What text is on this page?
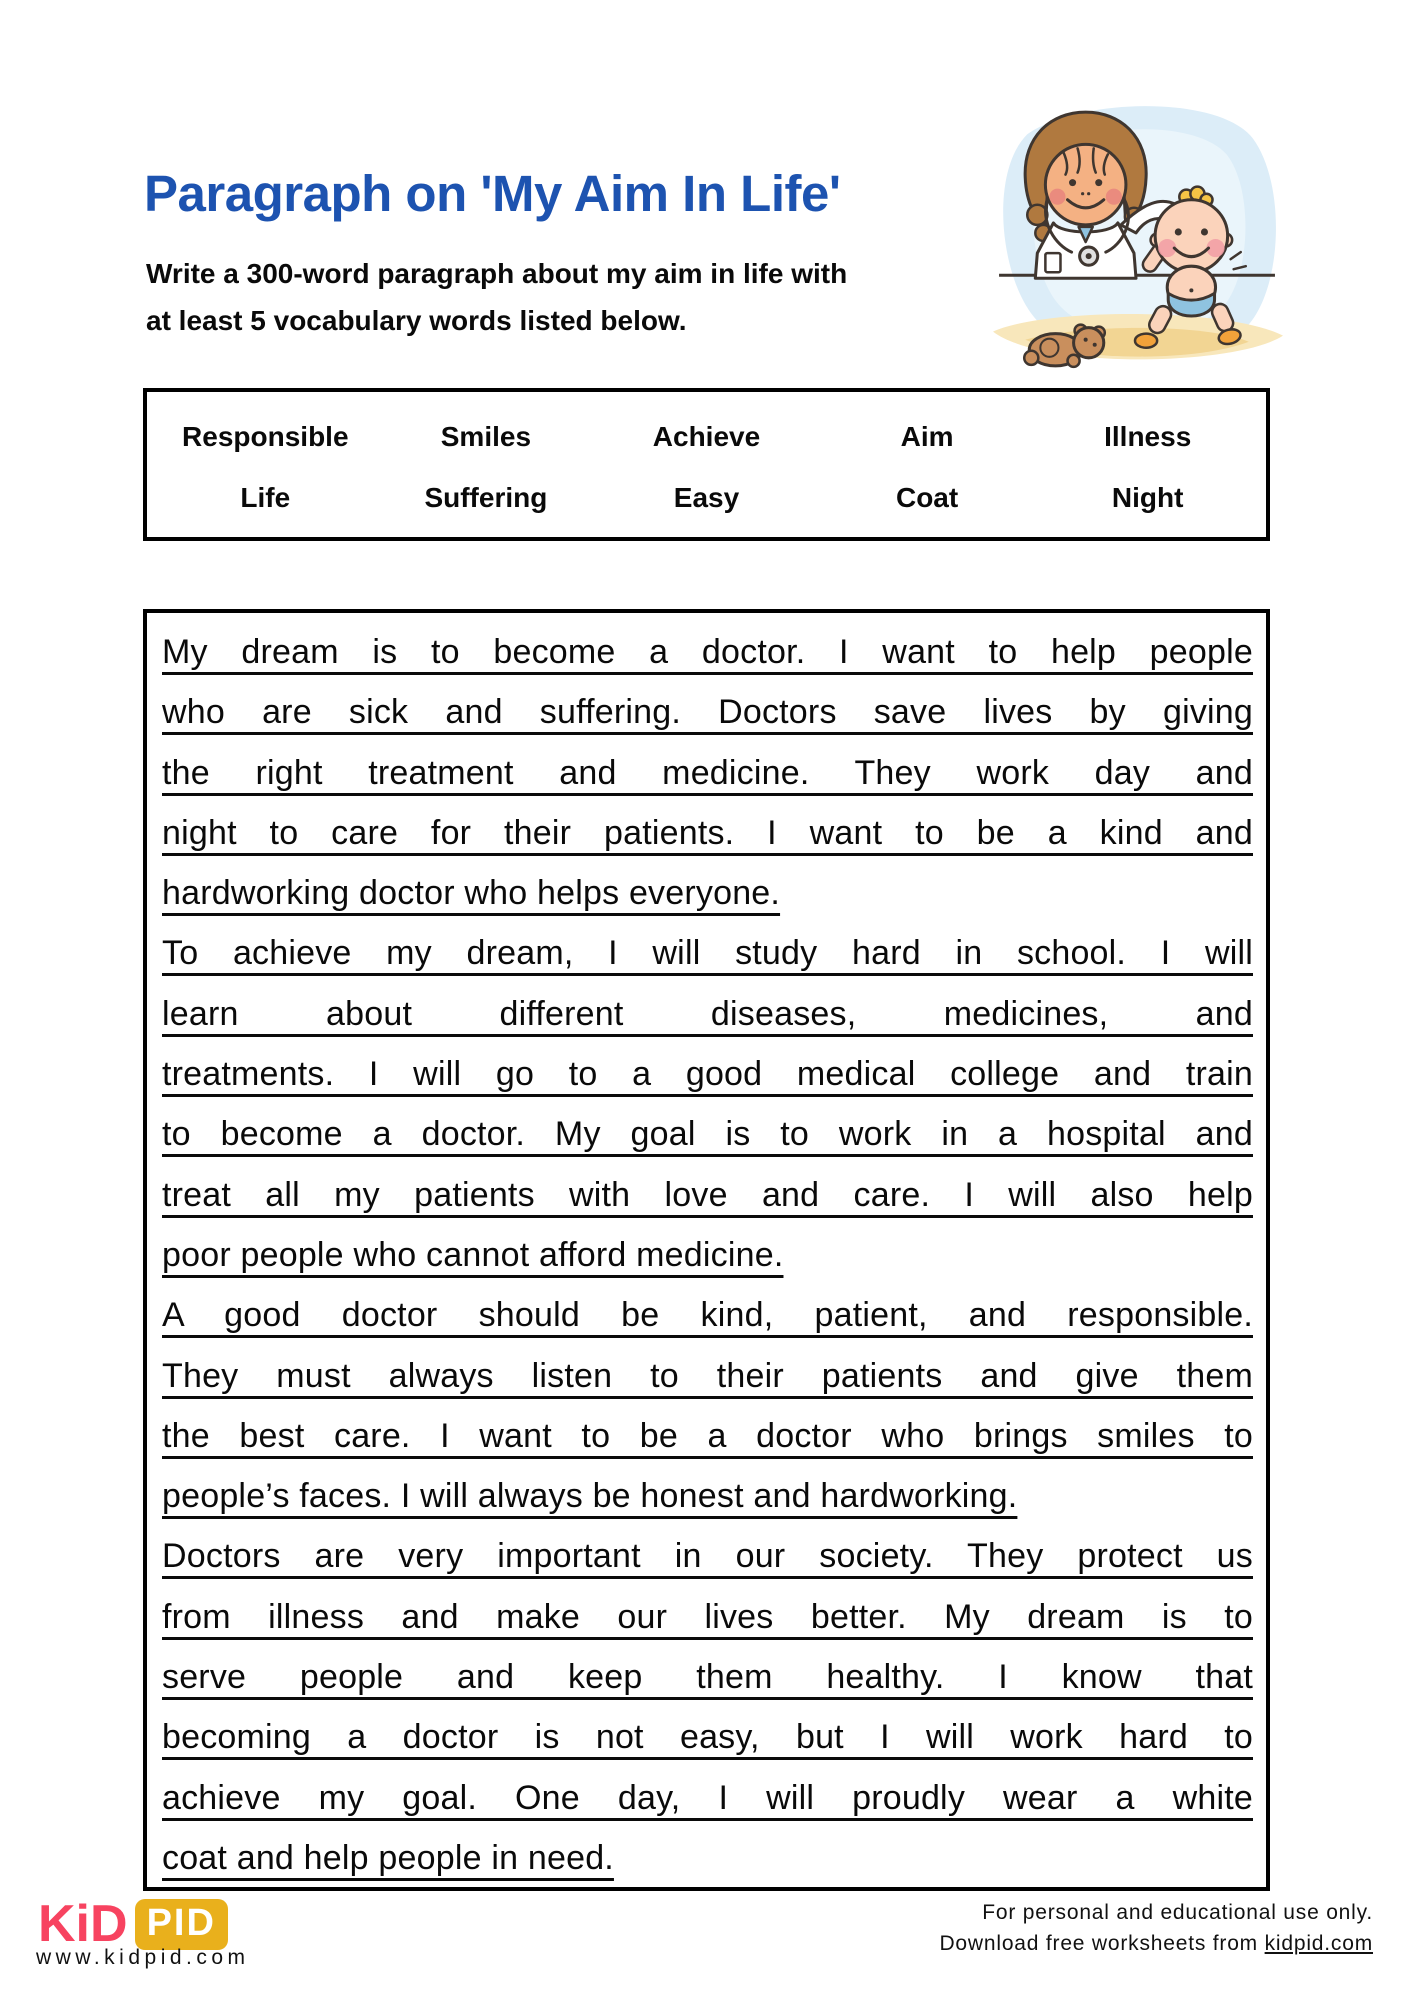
Paragraph on 'My Aim In Life'

Write a 300-word paragraph about my aim in life with
at least 5 vocabulary words listed below.

Responsible	Smiles	Achieve	Aim	Illness
Life	Suffering	Easy	Coat	Night
My dream is to become a doctor. I want to help people
who are sick and suffering. Doctors save lives by giving
the right treatment and medicine. They work day and
night to care for their patients. I want to be a kind and
hardworking doctor who helps everyone.
To achieve my dream, I will study hard in school. I will
learn about different diseases, medicines, and
treatments. I will go to a good medical college and train
to become a doctor. My goal is to work in a hospital and
treat all my patients with love and care. I will also help
poor people who cannot afford medicine.
A good doctor should be kind, patient, and responsible.
They must always listen to their patients and give them
the best care. I want to be a doctor who brings smiles to
people’s faces. I will always be honest and hardworking.
Doctors are very important in our society. They protect us
from illness and make our lives better. My dream is to
serve people and keep them healthy. I know that
becoming a doctor is not easy, but I will work hard to
achieve my goal. One day, I will proudly wear a white
coat and help people in need.
KiD PID
www.kidpid.com
For personal and educational use only.
Download free worksheets from kidpid.com
